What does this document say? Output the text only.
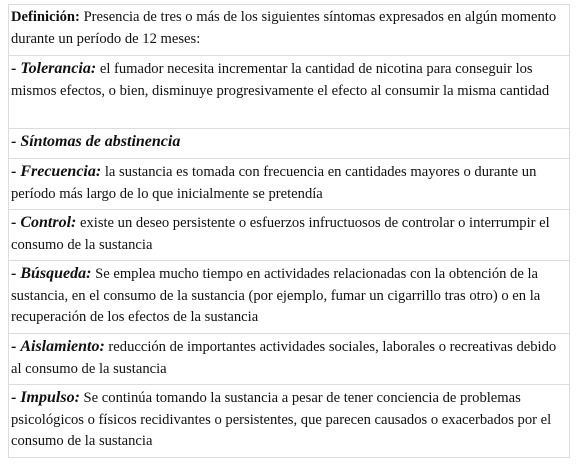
Definición: Presencia de tres o más de los siguientes síntomas expresados en algún momento durante un período de 12 meses:
- Tolerancia: el fumador necesita incrementar la cantidad de nicotina para conseguir los mismos efectos, o bien, disminuye progresivamente el efecto al consumir la misma cantidad
- Síntomas de abstinencia
- Frecuencia: la sustancia es tomada con frecuencia en cantidades mayores o durante un período más largo de lo que inicialmente se pretendía
- Control: existe un deseo persistente o esfuerzos infructuosos de controlar o interrumpir el consumo de la sustancia
- Búsqueda: Se emplea mucho tiempo en actividades relacionadas con la obtención de la sustancia, en el consumo de la sustancia (por ejemplo, fumar un cigarrillo tras otro) o en la recuperación de los efectos de la sustancia
- Aislamiento: reducción de importantes actividades sociales, laborales o recreativas debido al consumo de la sustancia
- Impulso: Se continúa tomando la sustancia a pesar de tener conciencia de problemas psicológicos o físicos recidivantes o persistentes, que parecen causados o exacerbados por el consumo de la sustancia
